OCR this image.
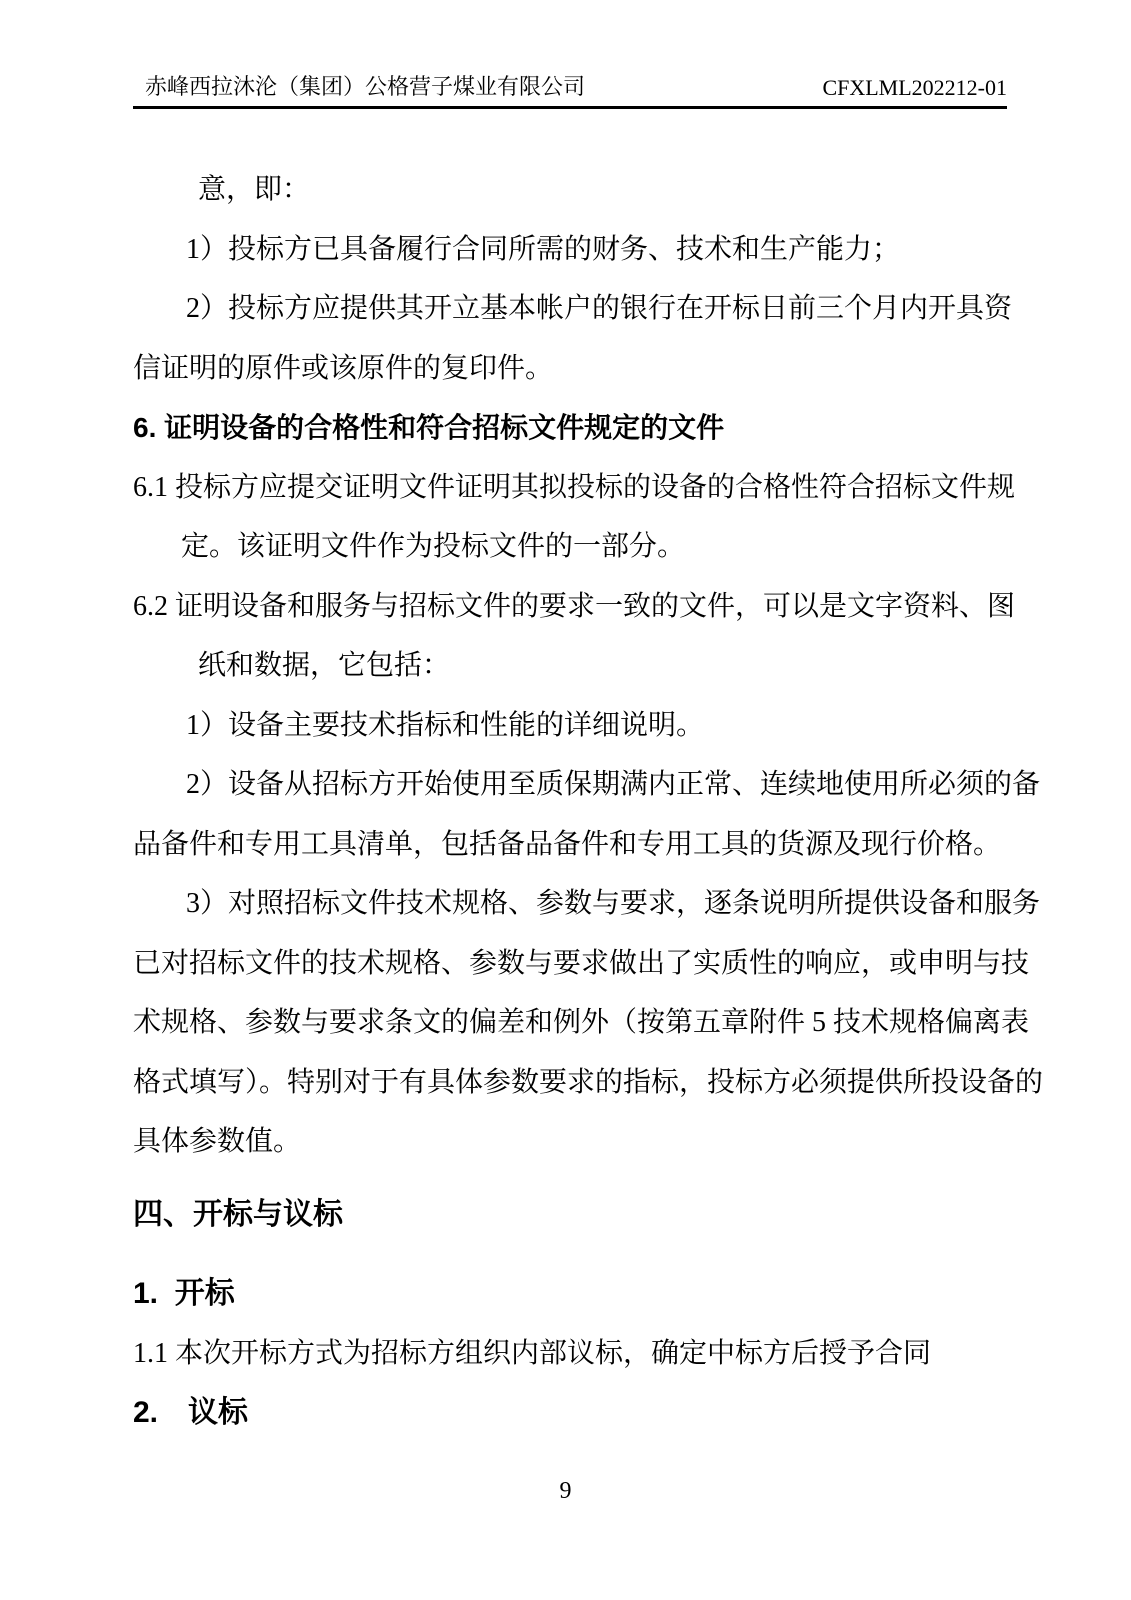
赤峰西拉沐沦（集团）公格营子煤业有限公司	CFXLML202212-01
意，即：
1）投标方已具备履行合同所需的财务、技术和生产能力；
2）投标方应提供其开立基本帐户的银行在开标日前三个月内开具资
信证明的原件或该原件的复印件。
6. 证明设备的合格性和符合招标文件规定的文件
6.1 投标方应提交证明文件证明其拟投标的设备的合格性符合招标文件规
定。该证明文件作为投标文件的一部分。
6.2 证明设备和服务与招标文件的要求一致的文件，可以是文字资料、图
纸和数据，它包括：
1）设备主要技术指标和性能的详细说明。
2）设备从招标方开始使用至质保期满内正常、连续地使用所必须的备
品备件和专用工具清单，包括备品备件和专用工具的货源及现行价格。
3）对照招标文件技术规格、参数与要求，逐条说明所提供设备和服务
已对招标文件的技术规格、参数与要求做出了实质性的响应，或申明与技
术规格、参数与要求条文的偏差和例外（按第五章附件 5 技术规格偏离表
格式填写）。特别对于有具体参数要求的指标，投标方必须提供所投设备的
具体参数值。
四、开标与议标
1.  开标
1.1 本次开标方式为招标方组织内部议标，确定中标方后授予合同
2.　议标
9
